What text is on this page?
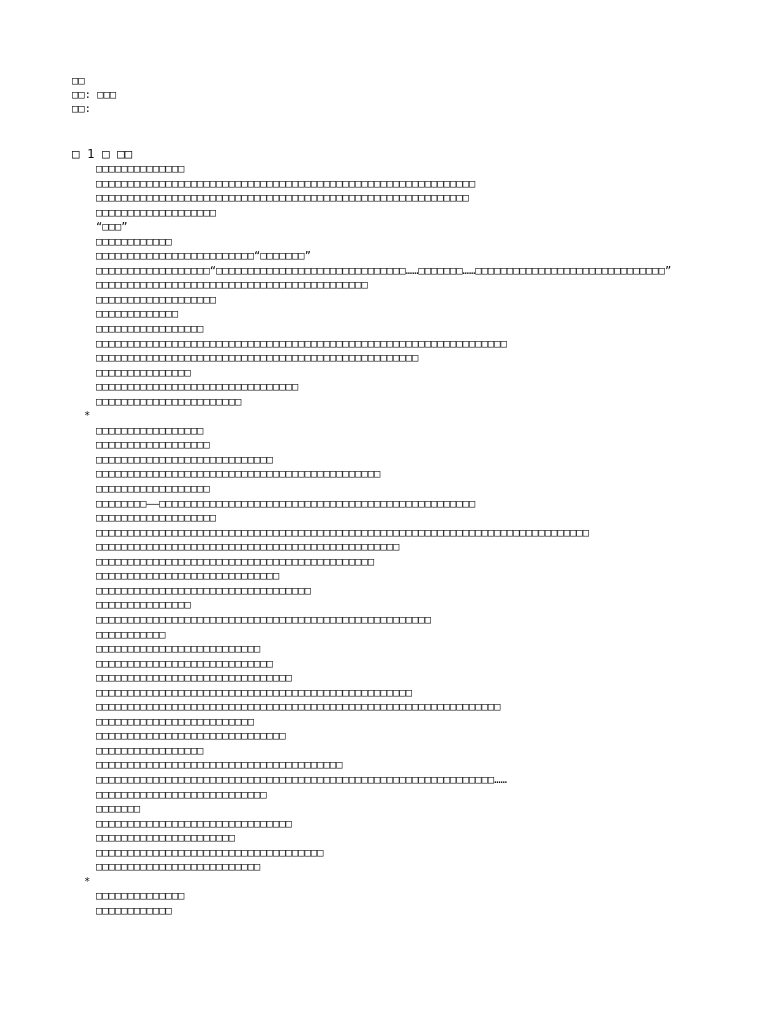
□□
□□: □□□
□□:
□ 1 □ □□

□□□□□□□□□□□□□□

□□□□□□□□□□□□□□□□□□□□□□□□□□□□□□□□□□□□□□□□□□□□□□□□□□□□□□□□□□□□

□□□□□□□□□□□□□□□□□□□□□□□□□□□□□□□□□□□□□□□□□□□□□□□□□□□□□□□□□□□

□□□□□□□□□□□□□□□□□□□

“□□□”

□□□□□□□□□□□□

□□□□□□□□□□□□□□□□□□□□□□□□□“□□□□□□□”

□□□□□□□□□□□□□□□□□□“□□□□□□□□□□□□□□□□□□□□□□□□□□□□□□……□□□□□□□……□□□□□□□□□□□□□□□□□□□□□□□□□□□□□□”

□□□□□□□□□□□□□□□□□□□□□□□□□□□□□□□□□□□□□□□□□□□

□□□□□□□□□□□□□□□□□□□

□□□□□□□□□□□□□

□□□□□□□□□□□□□□□□□

□□□□□□□□□□□□□□□□□□□□□□□□□□□□□□□□□□□□□□□□□□□□□□□□□□□□□□□□□□□□□□□□□

□□□□□□□□□□□□□□□□□□□□□□□□□□□□□□□□□□□□□□□□□□□□□□□□□□□

□□□□□□□□□□□□□□□

□□□□□□□□□□□□□□□□□□□□□□□□□□□□□□□□

□□□□□□□□□□□□□□□□□□□□□□□

*

□□□□□□□□□□□□□□□□□

□□□□□□□□□□□□□□□□□□

□□□□□□□□□□□□□□□□□□□□□□□□□□□□

□□□□□□□□□□□□□□□□□□□□□□□□□□□□□□□□□□□□□□□□□□□□□

□□□□□□□□□□□□□□□□□□

□□□□□□□□——□□□□□□□□□□□□□□□□□□□□□□□□□□□□□□□□□□□□□□□□□□□□□□□□□□

□□□□□□□□□□□□□□□□□□□

□□□□□□□□□□□□□□□□□□□□□□□□□□□□□□□□□□□□□□□□□□□□□□□□□□□□□□□□□□□□□□□□□□□□□□□□□□□□□□

□□□□□□□□□□□□□□□□□□□□□□□□□□□□□□□□□□□□□□□□□□□□□□□□

□□□□□□□□□□□□□□□□□□□□□□□□□□□□□□□□□□□□□□□□□□□□

□□□□□□□□□□□□□□□□□□□□□□□□□□□□□

□□□□□□□□□□□□□□□□□□□□□□□□□□□□□□□□□□

□□□□□□□□□□□□□□□

□□□□□□□□□□□□□□□□□□□□□□□□□□□□□□□□□□□□□□□□□□□□□□□□□□□□□

□□□□□□□□□□□

□□□□□□□□□□□□□□□□□□□□□□□□□□

□□□□□□□□□□□□□□□□□□□□□□□□□□□□

□□□□□□□□□□□□□□□□□□□□□□□□□□□□□□□

□□□□□□□□□□□□□□□□□□□□□□□□□□□□□□□□□□□□□□□□□□□□□□□□□□

□□□□□□□□□□□□□□□□□□□□□□□□□□□□□□□□□□□□□□□□□□□□□□□□□□□□□□□□□□□□□□□□

□□□□□□□□□□□□□□□□□□□□□□□□□

□□□□□□□□□□□□□□□□□□□□□□□□□□□□□□

□□□□□□□□□□□□□□□□□

□□□□□□□□□□□□□□□□□□□□□□□□□□□□□□□□□□□□□□□

□□□□□□□□□□□□□□□□□□□□□□□□□□□□□□□□□□□□□□□□□□□□□□□□□□□□□□□□□□□□□□□……

□□□□□□□□□□□□□□□□□□□□□□□□□□□

□□□□□□□

□□□□□□□□□□□□□□□□□□□□□□□□□□□□□□□

□□□□□□□□□□□□□□□□□□□□□□

□□□□□□□□□□□□□□□□□□□□□□□□□□□□□□□□□□□□

□□□□□□□□□□□□□□□□□□□□□□□□□□

*

□□□□□□□□□□□□□□

□□□□□□□□□□□□
